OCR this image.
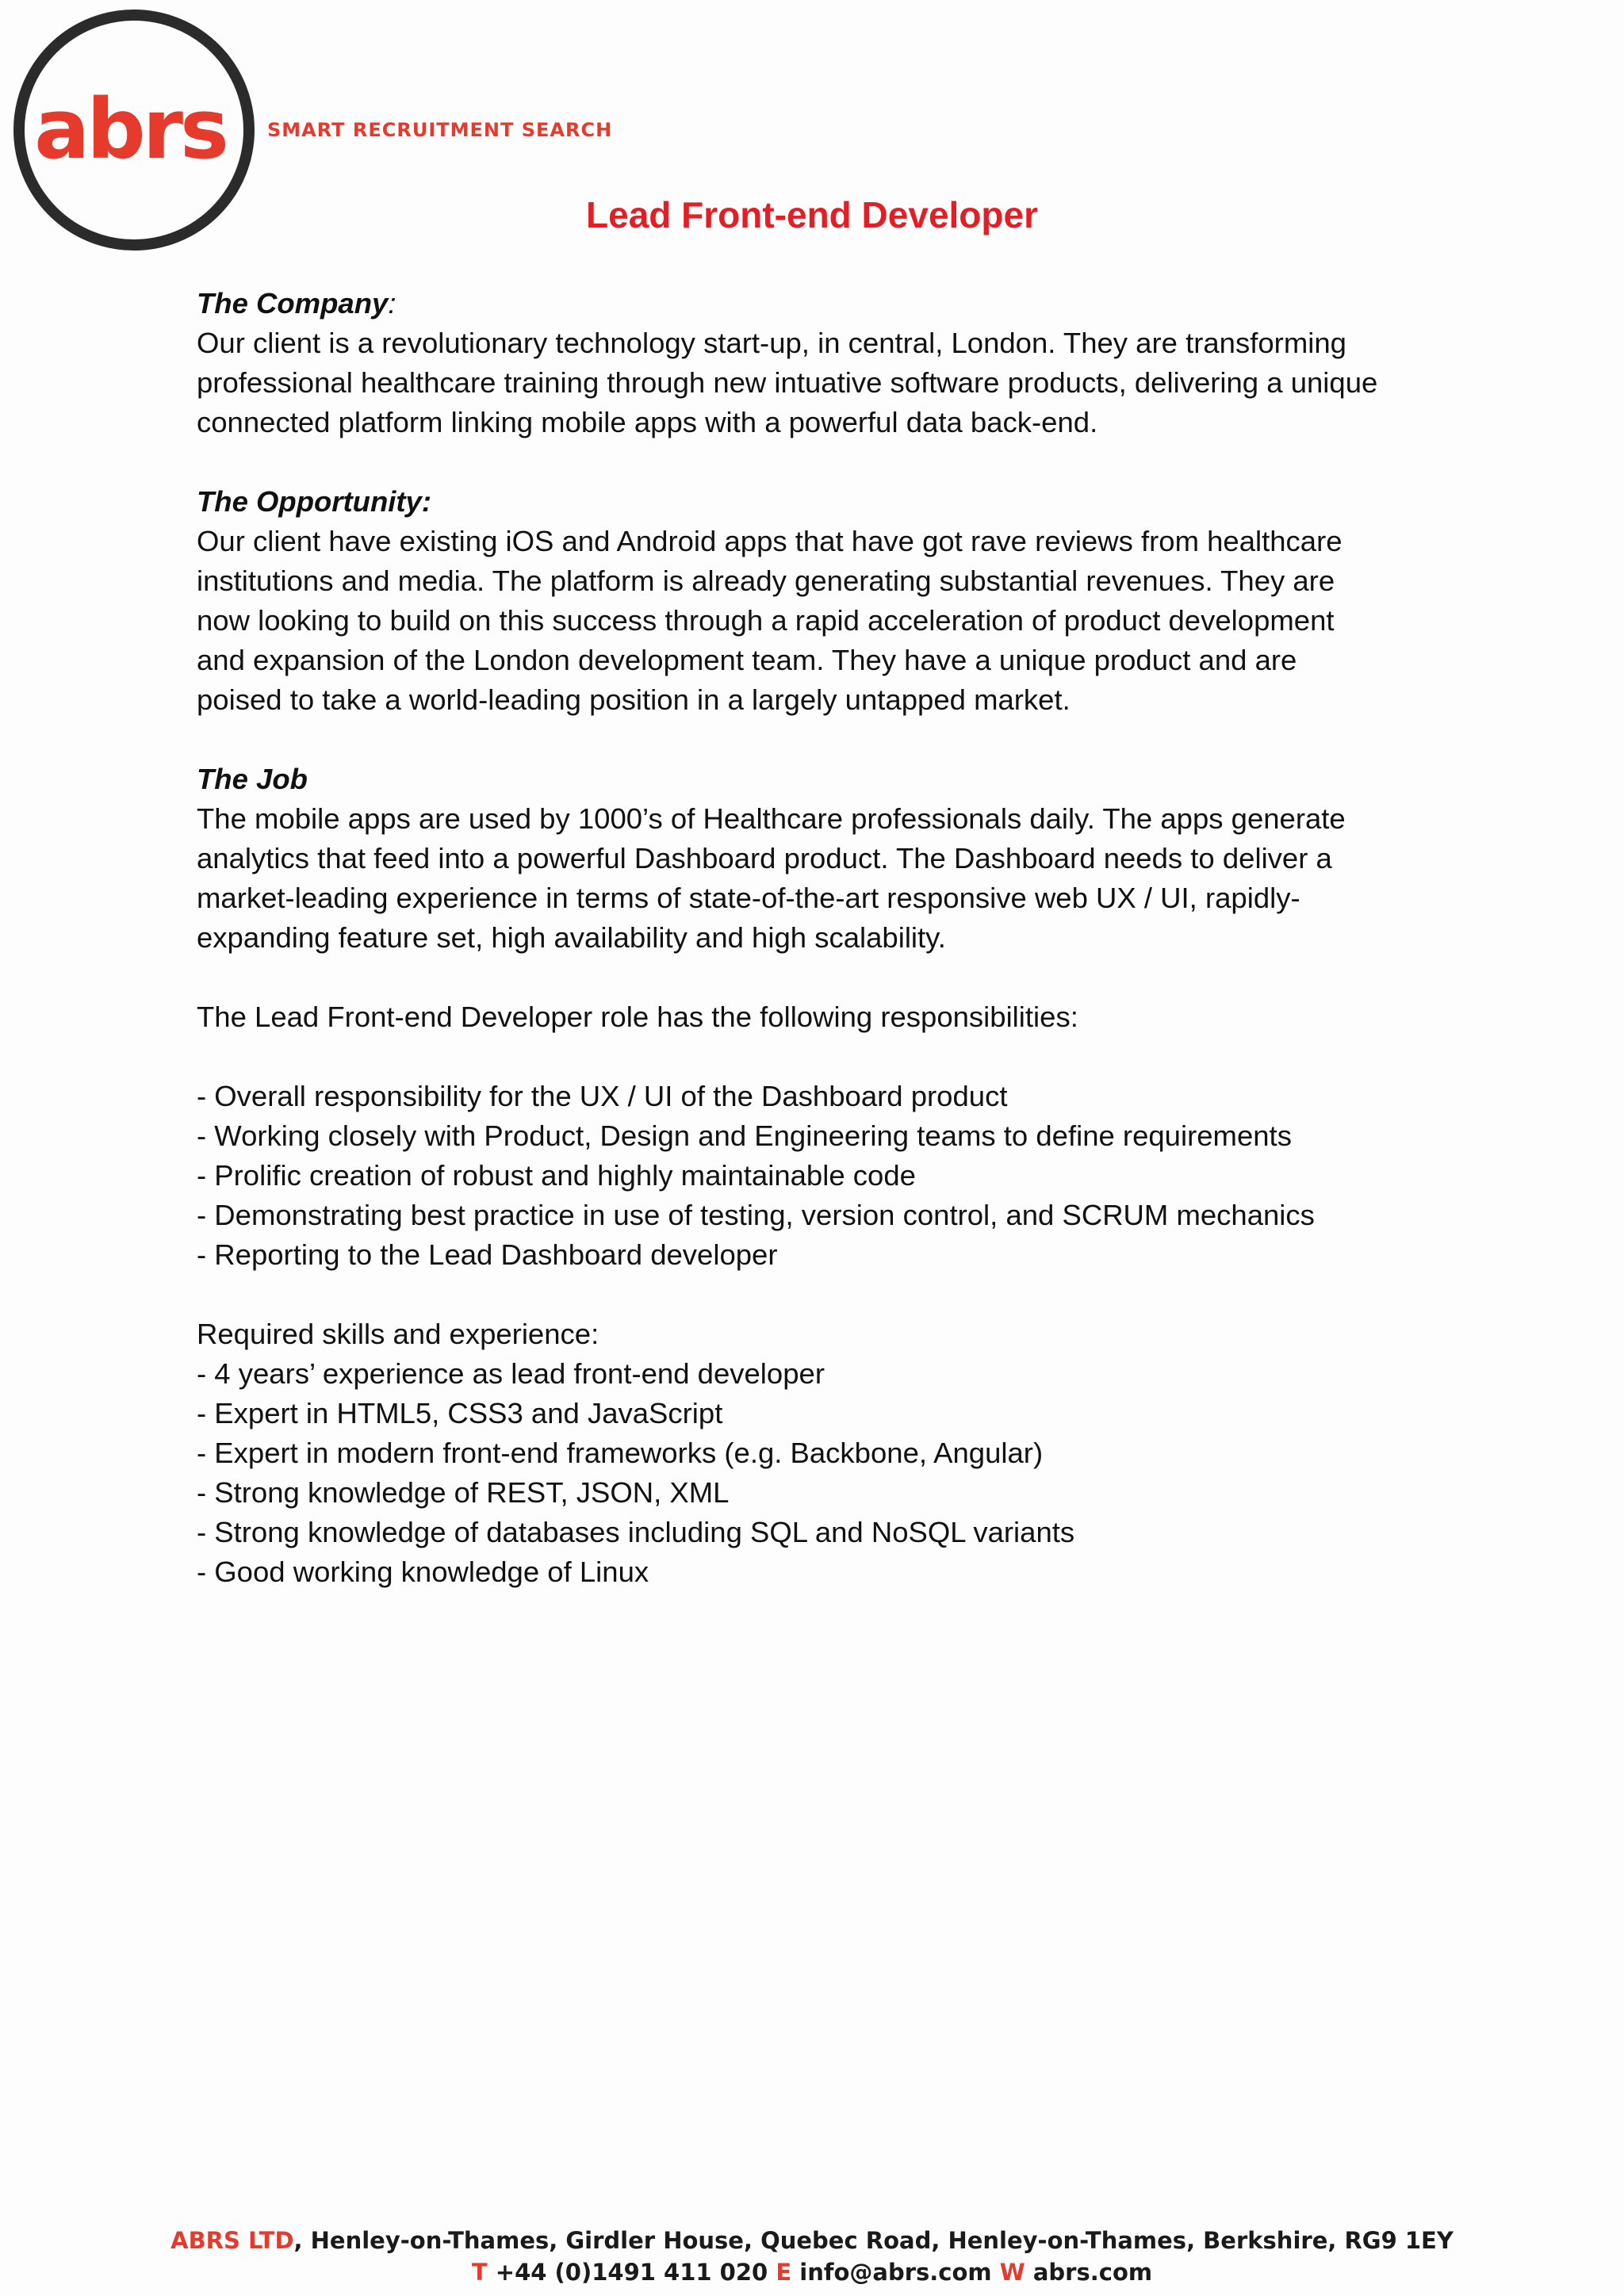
abrs SMART RECRUITMENT SEARCH
Lead Front-end Developer

The Company:

Our client is a revolutionary technology start-up, in central, London. They are transforming

professional healthcare training through new intuative software products, delivering a unique

connected platform linking mobile apps with a powerful data back-end.

The Opportunity:

Our client have existing iOS and Android apps that have got rave reviews from healthcare

institutions and media. The platform is already generating substantial revenues. They are

now looking to build on this success through a rapid acceleration of product development

and expansion of the London development team. They have a unique product and are

poised to take a world-leading position in a largely untapped market.

The Job

The mobile apps are used by 1000’s of Healthcare professionals daily. The apps generate

analytics that feed into a powerful Dashboard product. The Dashboard needs to deliver a

market-leading experience in terms of state-of-the-art responsive web UX / UI, rapidly-

expanding feature set, high availability and high scalability.

The Lead Front-end Developer role has the following responsibilities:

- Overall responsibility for the UX / UI of the Dashboard product

- Working closely with Product, Design and Engineering teams to define requirements

- Prolific creation of robust and highly maintainable code

- Demonstrating best practice in use of testing, version control, and SCRUM mechanics

- Reporting to the Lead Dashboard developer

Required skills and experience:

- 4 years’ experience as lead front-end developer

- Expert in HTML5, CSS3 and JavaScript

- Expert in modern front-end frameworks (e.g. Backbone, Angular)

- Strong knowledge of REST, JSON, XML

- Strong knowledge of databases including SQL and NoSQL variants

- Good working knowledge of Linux

ABRS LTD, Henley-on-Thames, Girdler House, Quebec Road, Henley-on-Thames, Berkshire, RG9 1EY
T +44 (0)1491 411 020 E info@abrs.com W abrs.com
